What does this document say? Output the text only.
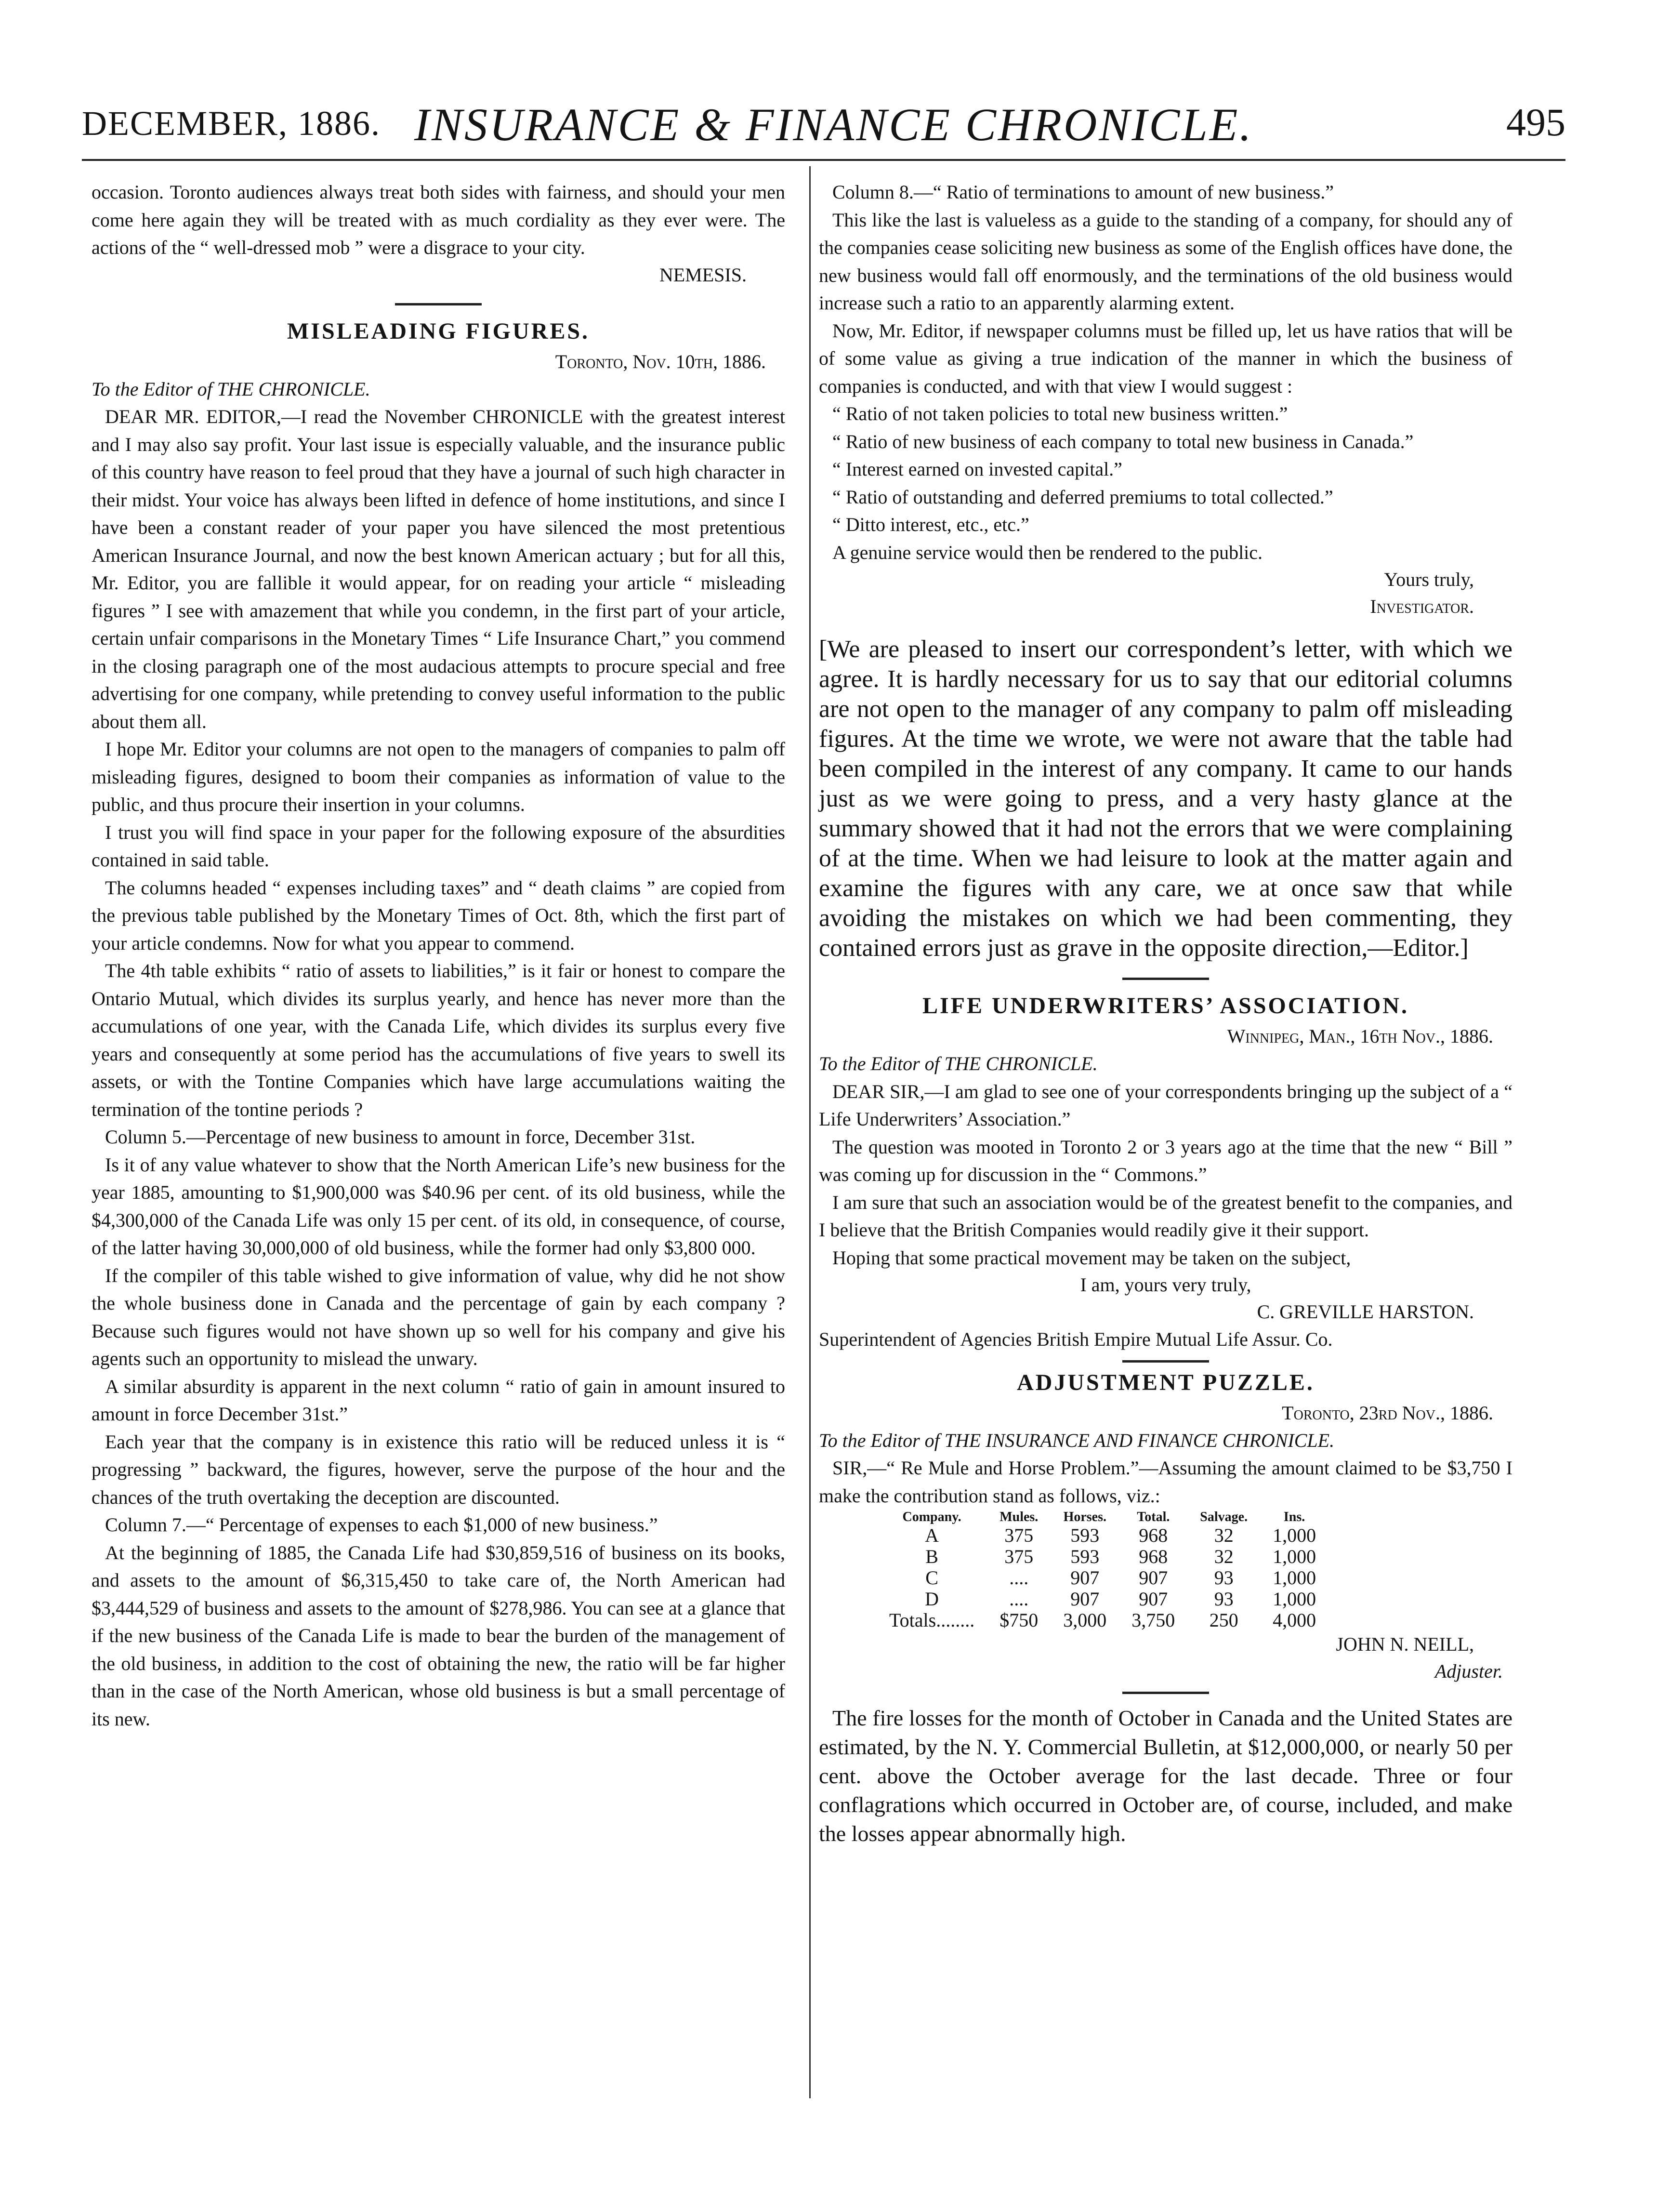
DECEMBER, 1886. INSURANCE & FINANCE CHRONICLE.	495

occasion. Toronto audiences always treat both sides with fairness, and should your men come here again they will be treated with as much cordiality as they ever were. The actions of the “ well-dressed mob ” were a disgrace to your city.

NEMESIS.

MISLEADING FIGURES.

Toronto, Nov. 10th, 1886.

To the Editor of THE CHRONICLE.

DEAR MR. EDITOR,—I read the November CHRONICLE with the greatest interest and I may also say profit. Your last issue is especially valuable, and the insurance public of this country have reason to feel proud that they have a journal of such high character in their midst. Your voice has always been lifted in defence of home institutions, and since I have been a constant reader of your paper you have silenced the most pretentious American Insurance Journal, and now the best known American actuary ; but for all this, Mr. Editor, you are fallible it would appear, for on reading your article “ misleading figures ” I see with amazement that while you condemn, in the first part of your article, certain unfair comparisons in the Monetary Times “ Life Insurance Chart,” you commend in the closing paragraph one of the most audacious attempts to procure special and free advertising for one company, while pretending to convey useful information to the public about them all.

I hope Mr. Editor your columns are not open to the managers of companies to palm off misleading figures, designed to boom their companies as information of value to the public, and thus procure their insertion in your columns.

I trust you will find space in your paper for the following exposure of the absurdities contained in said table.

The columns headed “ expenses including taxes” and “ death claims ” are copied from the previous table published by the Monetary Times of Oct. 8th, which the first part of your article condemns. Now for what you appear to commend.

The 4th table exhibits “ ratio of assets to liabilities,” is it fair or honest to compare the Ontario Mutual, which divides its surplus yearly, and hence has never more than the accumulations of one year, with the Canada Life, which divides its surplus every five years and consequently at some period has the accumulations of five years to swell its assets, or with the Tontine Companies which have large accumulations waiting the termination of the tontine periods ?

Column 5.—Percentage of new business to amount in force, December 31st.

Is it of any value whatever to show that the North American Life’s new business for the year 1885, amounting to $1,900,000 was $40.96 per cent. of its old business, while the $4,300,000 of the Canada Life was only 15 per cent. of its old, in consequence, of course, of the latter having 30,000,000 of old business, while the former had only $3,800 000.

If the compiler of this table wished to give information of value, why did he not show the whole business done in Canada and the percentage of gain by each company ? Because such figures would not have shown up so well for his company and give his agents such an opportunity to mislead the unwary.

A similar absurdity is apparent in the next column “ ratio of gain in amount insured to amount in force December 31st.”

Each year that the company is in existence this ratio will be reduced unless it is “ progressing ” backward, the figures, however, serve the purpose of the hour and the chances of the truth overtaking the deception are discounted.

Column 7.—“ Percentage of expenses to each $1,000 of new business.”

At the beginning of 1885, the Canada Life had $30,859,516 of business on its books, and assets to the amount of $6,315,450 to take care of, the North American had $3,444,529 of business and assets to the amount of $278,986. You can see at a glance that if the new business of the Canada Life is made to bear the burden of the management of the old business, in addition to the cost of obtaining the new, the ratio will be far higher than in the case of the North American, whose old business is but a small percentage of its new.

Column 8.—“ Ratio of terminations to amount of new business.”

This like the last is valueless as a guide to the standing of a company, for should any of the companies cease soliciting new business as some of the English offices have done, the new business would fall off enormously, and the terminations of the old business would increase such a ratio to an apparently alarming extent.

Now, Mr. Editor, if newspaper columns must be filled up, let us have ratios that will be of some value as giving a true indication of the manner in which the business of companies is conducted, and with that view I would suggest :

“ Ratio of not taken policies to total new business written.”

“ Ratio of new business of each company to total new business in Canada.”

“ Interest earned on invested capital.”

“ Ratio of outstanding and deferred premiums to total collected.”

“ Ditto interest, etc., etc.”

A genuine service would then be rendered to the public.

Yours truly,

Investigator.

[We are pleased to insert our correspondent’s letter, with which we agree. It is hardly necessary for us to say that our editorial columns are not open to the manager of any company to palm off misleading figures. At the time we wrote, we were not aware that the table had been compiled in the interest of any company. It came to our hands just as we were going to press, and a very hasty glance at the summary showed that it had not the errors that we were complaining of at the time. When we had leisure to look at the matter again and examine the figures with any care, we at once saw that while avoiding the mistakes on which we had been commenting, they contained errors just as grave in the opposite direction,—Editor.]

LIFE UNDERWRITERS’ ASSOCIATION.

Winnipeg, Man., 16th Nov., 1886.

To the Editor of THE CHRONICLE.

DEAR SIR,—I am glad to see one of your correspondents bringing up the subject of a “ Life Underwriters’ Association.”

The question was mooted in Toronto 2 or 3 years ago at the time that the new “ Bill ” was coming up for discussion in the “ Commons.”

I am sure that such an association would be of the greatest benefit to the companies, and I believe that the British Companies would readily give it their support.

Hoping that some practical movement may be taken on the subject,

I am, yours very truly,

C. GREVILLE HARSTON.

Superintendent of Agencies British Empire Mutual Life Assur. Co.

ADJUSTMENT PUZZLE.

Toronto, 23rd Nov., 1886.

To the Editor of THE INSURANCE AND FINANCE CHRONICLE.

SIR,—“ Re Mule and Horse Problem.”—Assuming the amount claimed to be $3,750 I make the contribution stand as follows, viz.:

Company.	Mules.	Horses.	Total.	Salvage.	Ins.
A	375	593	968	32	1,000
B	375	593	968	32	1,000
C	....	907	907	93	1,000
D	....	907	907	93	1,000
Totals........	$750	3,000	3,750	250	4,000

JOHN N. NEILL,

Adjuster.

The fire losses for the month of October in Canada and the United States are estimated, by the N. Y. Commercial Bulletin, at $12,000,000, or nearly 50 per cent. above the October average for the last decade. Three or four conflagrations which occurred in October are, of course, included, and make the losses appear abnormally high.
